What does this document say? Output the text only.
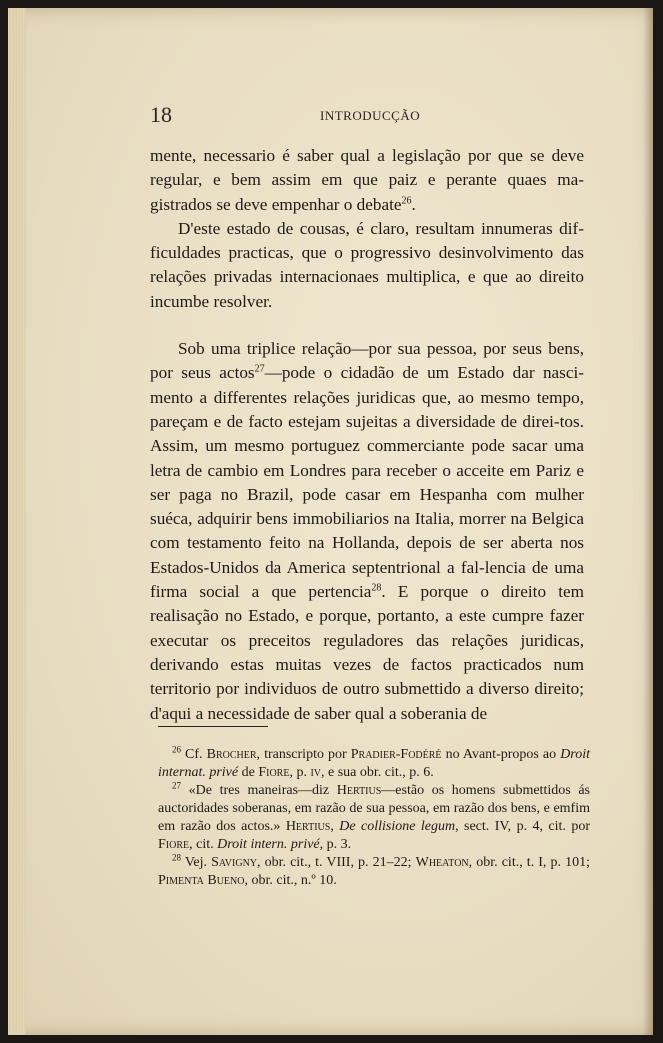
18	INTRODUCÇÃO

mente, necessario é saber qual a legislação por que se deve regular, e bem assim em que paiz e perante quaes ma- gistrados se deve empenhar o debate$^{26}$.

D'este estado de cousas, é claro, resultam innumeras dif-ficuldades practicas, que o progressivo desinvolvimento das relações privadas internacionaes multiplica, e que ao direito incumbe resolver.

Sob uma triplice relação—por sua pessoa, por seus bens, por seus actos$^{27}$—pode o cidadão de um Estado dar nasci-mento a differentes relações juridicas que, ao mesmo tempo, pareçam e de facto estejam sujeitas a diversidade de direi-tos. Assim, um mesmo portuguez commerciante pode sacar uma letra de cambio em Londres para receber o acceite em Pariz e ser paga no Brazil, pode casar em Hespanha com mulher suéca, adquirir bens immobiliarios na Italia, morrer na Belgica com testamento feito na Hollanda, depois de ser aberta nos Estados-Unidos da America septentrional a fal-lencia de uma firma social a que pertencia$^{28}$. E porque o direito tem realisação no Estado, e porque, portanto, a este cumpre fazer executar os preceitos reguladores das relações juridicas, derivando estas muitas vezes de factos practicados num territorio por individuos de outro submettido a diverso direito; d'aqui a necessidade de saber qual a soberania de

$^{26}$ Cf. Brocher, transcripto por Pradier-Fodéré no Avant-propos ao Droit internat. privé de Fiore, p. iv, e sua obr. cit., p. 6.

$^{27}$ «De tres maneiras—diz Hertius—estão os homens submettidos ás auctoridades soberanas, em razão de sua pessoa, em razão dos bens, e emfim em razão dos actos.» Hertius, De collisione legum, sect. IV, p. 4, cit. por Fiore, cit. Droit intern. privé, p. 3.

$^{28}$ Vej. Savigny, obr. cit., t. VIII, p. 21–22; Wheaton, obr. cit., t. I, p. 101; Pimenta Bueno, obr. cit., n.º 10.
